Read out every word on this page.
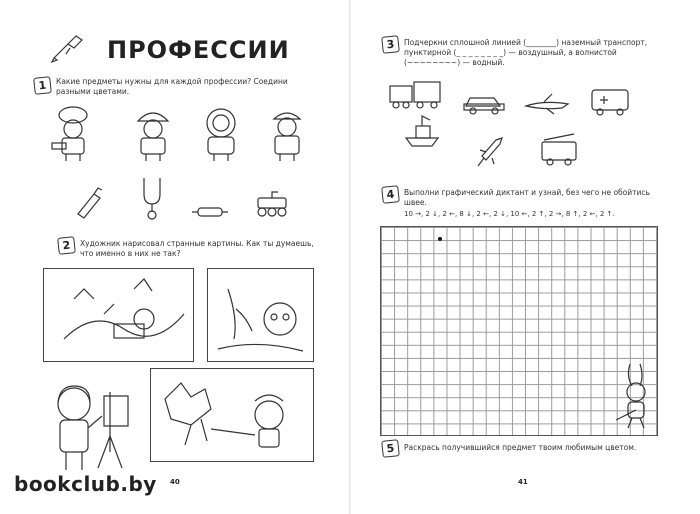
ПРОФЕССИИ
1	Какие предметы нужны для каждой профессии? Соедини разными цветами.
2	Художник нарисовал странные картины. Как ты думаешь, что именно в них не так?
40
3	Подчеркни сплошной линией (________) наземный транспорт, пунктирной (_ _ _ _ _ _ _ _) — воздушный, а волнистой (~~~~~~~~) — водный.
4	Выполни графический диктант и узнай, без чего не обойтись швее.
10 →, 2 ↓, 2 ←, 8 ↓, 2 ←, 2 ↓, 10 ←, 2 ↑, 2 →, 8 ↑, 2 ←, 2 ↑.
5	Раскрась получившийся предмет твоим любимым цветом.
41
bookclub.by
